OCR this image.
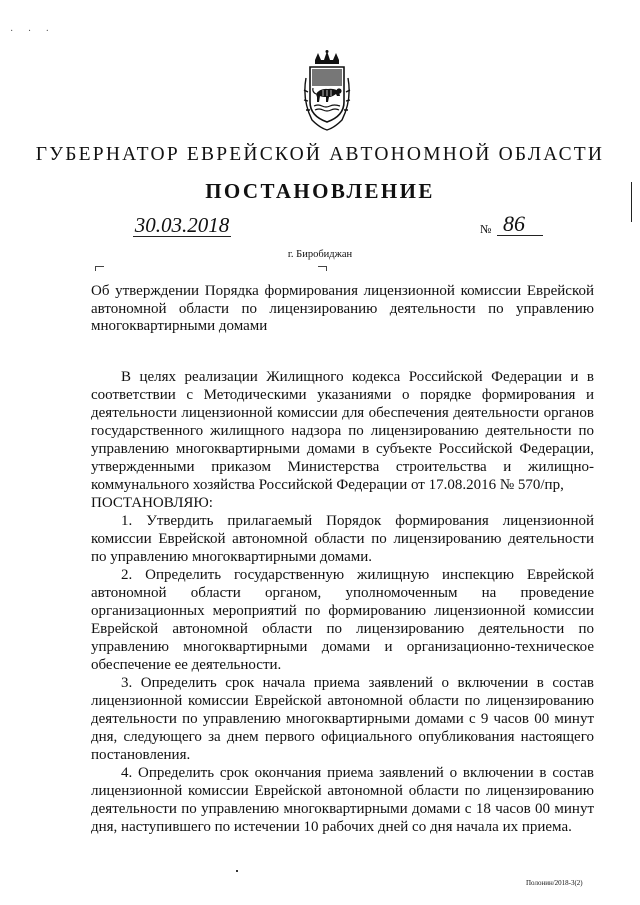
· · ·
ГУБЕРНАТОР ЕВРЕЙСКОЙ АВТОНОМНОЙ ОБЛАСТИ
ПОСТАНОВЛЕНИЕ
30.03.2018	№ 86
г. Биробиджан
Об утверждении Порядка формирования лицензионной комиссии Еврейской автономной области по лицензированию деятельности по управлению многоквартирными домами

В целях реализации Жилищного кодекса Российской Федерации и в соответствии с Методическими указаниями о порядке формирования и деятельности лицензионной комиссии для обеспечения деятельности органов государственного жилищного надзора по лицензированию деятельности по управлению многоквартирными домами в субъекте Российской Федерации, утвержденными приказом Министерства строительства и жилищно-коммунального хозяйства Российской Федерации от 17.08.2016 № 570/пр,

ПОСТАНОВЛЯЮ:

1. Утвердить прилагаемый Порядок формирования лицензионной комиссии Еврейской автономной области по лицензированию деятельности по управлению многоквартирными домами.

2. Определить государственную жилищную инспекцию Еврейской автономной области органом, уполномоченным на проведение организационных мероприятий по формированию лицензионной комиссии Еврейской автономной области по лицензированию деятельности по управлению многоквартирными домами и организационно-техническое обеспечение ее деятельности.

3. Определить срок начала приема заявлений о включении в состав лицензионной комиссии Еврейской автономной области по лицензированию деятельности по управлению многоквартирными домами с 9 часов 00 минут дня, следующего за днем первого официального опубликования настоящего постановления.

4. Определить срок окончания приема заявлений о включении в состав лицензионной комиссии Еврейской автономной области по лицензированию деятельности по управлению многоквартирными домами с 18 часов 00 минут дня, наступившего по истечении 10 рабочих дней со дня начала их приема.

Полонин/2018-3(2)
